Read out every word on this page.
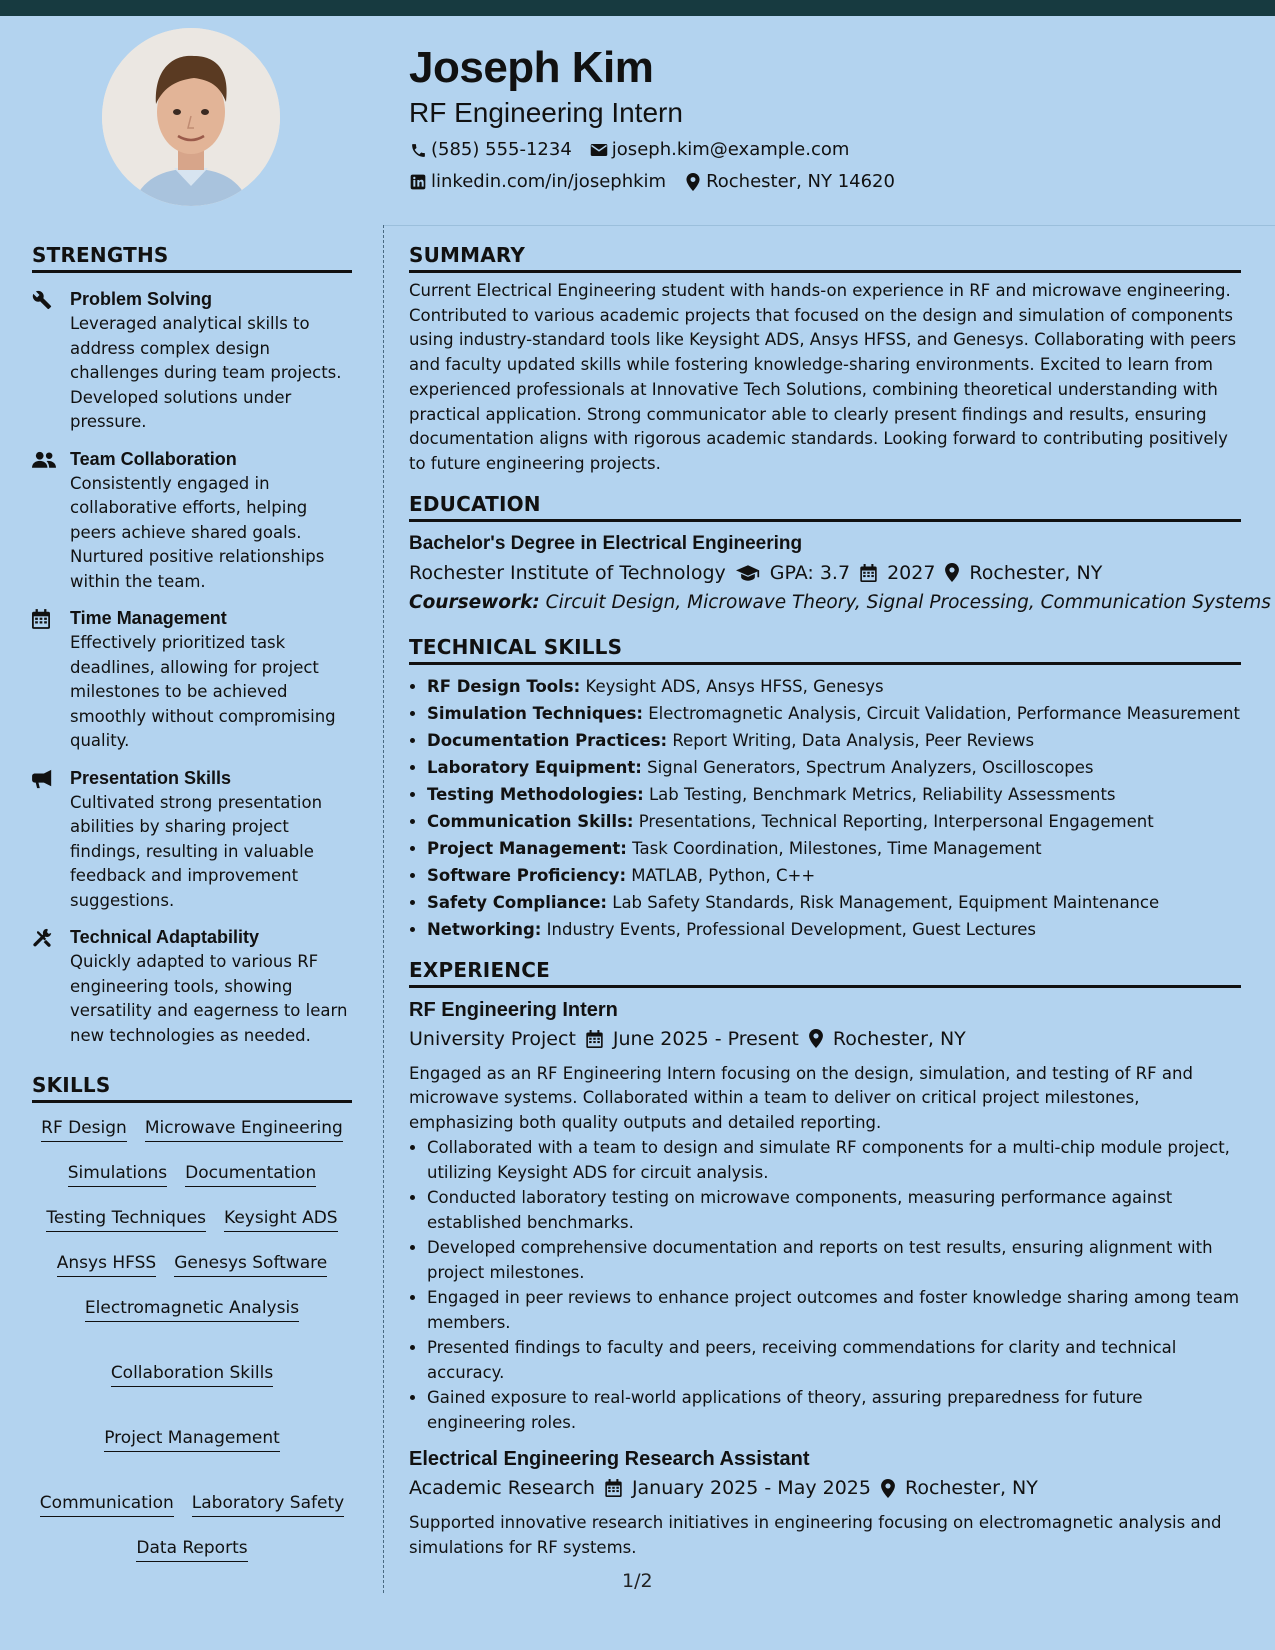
Joseph Kim
RF Engineering Intern
(585) 555-1234 joseph.kim@example.com
linkedin.com/in/josephkim Rochester, NY 14620
STRENGTHS

Problem Solving

Leveraged analytical skills to address complex design challenges during team projects. Developed solutions under pressure.

Team Collaboration

Consistently engaged in collaborative efforts, helping peers achieve shared goals. Nurtured positive relationships within the team.

Time Management

Effectively prioritized task deadlines, allowing for project milestones to be achieved smoothly without compromising quality.

Presentation Skills

Cultivated strong presentation abilities by sharing project findings, resulting in valuable feedback and improvement suggestions.

Technical Adaptability

Quickly adapted to various RF engineering tools, showing versatility and eagerness to learn new technologies as needed.

SKILLS
RF Design Microwave Engineering
Simulations Documentation
Testing Techniques Keysight ADS
Ansys HFSS Genesys Software
Electromagnetic Analysis
Collaboration Skills
Project Management
Communication Laboratory Safety
Data Reports
SUMMARY

Current Electrical Engineering student with hands-on experience in RF and microwave engineering. Contributed to various academic projects that focused on the design and simulation of components using industry-standard tools like Keysight ADS, Ansys HFSS, and Genesys. Collaborating with peers and faculty updated skills while fostering knowledge-sharing environments. Excited to learn from experienced professionals at Innovative Tech Solutions, combining theoretical understanding with practical application. Strong communicator able to clearly present findings and results, ensuring documentation aligns with rigorous academic standards. Looking forward to contributing positively to future engineering projects.

EDUCATION

Bachelor's Degree in Electrical Engineering

Rochester Institute of Technology GPA: 3.7 2027 Rochester, NY
Coursework: Circuit Design, Microwave Theory, Signal Processing, Communication Systems
TECHNICAL SKILLS
• RF Design Tools: Keysight ADS, Ansys HFSS, Genesys
• Simulation Techniques: Electromagnetic Analysis, Circuit Validation, Performance Measurement
• Documentation Practices: Report Writing, Data Analysis, Peer Reviews
• Laboratory Equipment: Signal Generators, Spectrum Analyzers, Oscilloscopes
• Testing Methodologies: Lab Testing, Benchmark Metrics, Reliability Assessments
• Communication Skills: Presentations, Technical Reporting, Interpersonal Engagement
• Project Management: Task Coordination, Milestones, Time Management
• Software Proficiency: MATLAB, Python, C++
• Safety Compliance: Lab Safety Standards, Risk Management, Equipment Maintenance
• Networking: Industry Events, Professional Development, Guest Lectures
EXPERIENCE

RF Engineering Intern

University Project June 2025 - Present Rochester, NY

Engaged as an RF Engineering Intern focusing on the design, simulation, and testing of RF and microwave systems. Collaborated within a team to deliver on critical project milestones, emphasizing both quality outputs and detailed reporting.

• Collaborated with a team to design and simulate RF components for a multi-chip module project, utilizing Keysight ADS for circuit analysis.
• Conducted laboratory testing on microwave components, measuring performance against established benchmarks.
• Developed comprehensive documentation and reports on test results, ensuring alignment with project milestones.
• Engaged in peer reviews to enhance project outcomes and foster knowledge sharing among team members.
• Presented findings to faculty and peers, receiving commendations for clarity and technical accuracy.
• Gained exposure to real-world applications of theory, assuring preparedness for future engineering roles.

Electrical Engineering Research Assistant

Academic Research January 2025 - May 2025 Rochester, NY

Supported innovative research initiatives in engineering focusing on electromagnetic analysis and simulations for RF systems.

1/2
